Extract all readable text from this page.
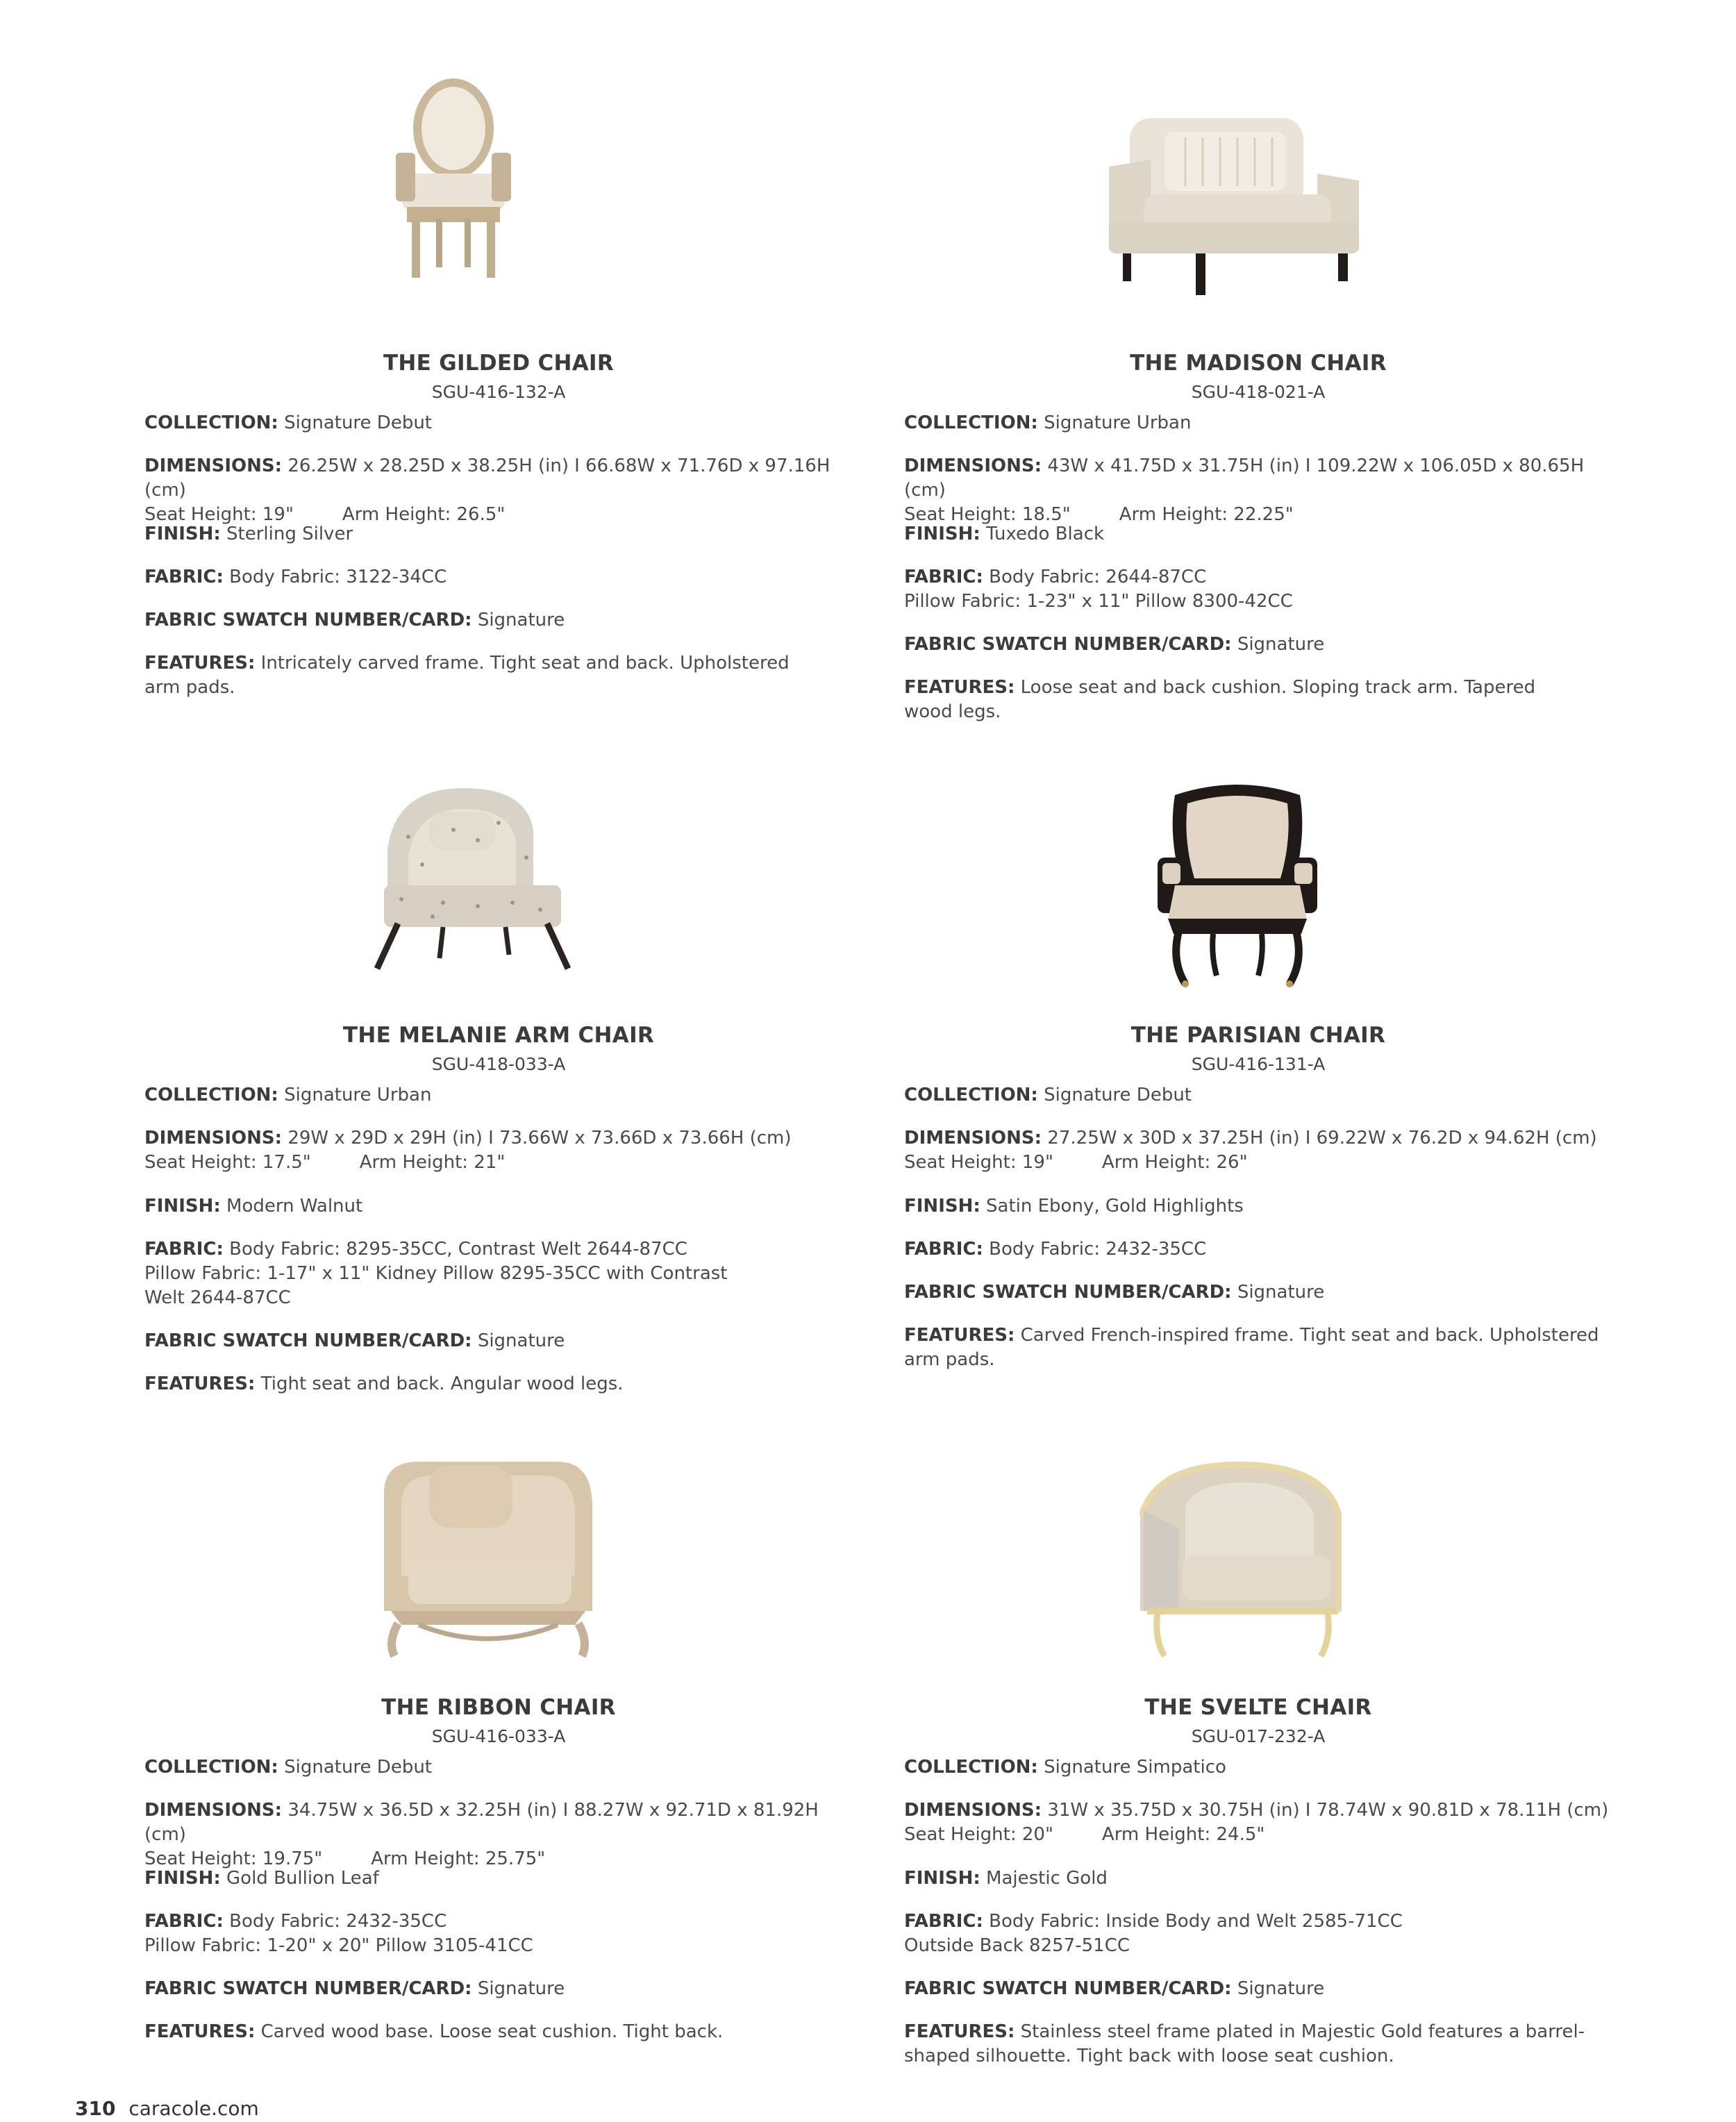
THE GILDED CHAIR
SGU-416-132-A
COLLECTION: Signature Debut
DIMENSIONS: 26.25W x 28.25D x 38.25H (in) I 66.68W x 71.76D x 97.16H (cm)
Seat Height: 19"	Arm Height: 26.5"
FINISH: Sterling Silver
FABRIC: Body Fabric: 3122-34CC
FABRIC SWATCH NUMBER/CARD: Signature
FEATURES: Intricately carved frame. Tight seat and back. Upholstered
arm pads.
THE MADISON CHAIR
SGU-418-021-A
COLLECTION: Signature Urban
DIMENSIONS: 43W x 41.75D x 31.75H (in) I 109.22W x 106.05D x 80.65H (cm)
Seat Height: 18.5"	Arm Height: 22.25"
FINISH: Tuxedo Black
FABRIC: Body Fabric: 2644-87CC
Pillow Fabric: 1-23" x 11" Pillow 8300-42CC
FABRIC SWATCH NUMBER/CARD: Signature
FEATURES: Loose seat and back cushion. Sloping track arm. Tapered
wood legs.
THE MELANIE ARM CHAIR
SGU-418-033-A
COLLECTION: Signature Urban
DIMENSIONS: 29W x 29D x 29H (in) I 73.66W x 73.66D x 73.66H (cm)
Seat Height: 17.5"	Arm Height: 21"
FINISH: Modern Walnut
FABRIC: Body Fabric: 8295-35CC, Contrast Welt 2644-87CC
Pillow Fabric: 1-17" x 11" Kidney Pillow 8295-35CC with Contrast
Welt 2644-87CC
FABRIC SWATCH NUMBER/CARD: Signature
FEATURES: Tight seat and back. Angular wood legs.
THE PARISIAN CHAIR
SGU-416-131-A
COLLECTION: Signature Debut
DIMENSIONS: 27.25W x 30D x 37.25H (in) I 69.22W x 76.2D x 94.62H (cm)
Seat Height: 19"	Arm Height: 26"
FINISH: Satin Ebony, Gold Highlights
FABRIC: Body Fabric: 2432-35CC
FABRIC SWATCH NUMBER/CARD: Signature
FEATURES: Carved French-inspired frame. Tight seat and back. Upholstered
arm pads.
THE RIBBON CHAIR
SGU-416-033-A
COLLECTION: Signature Debut
DIMENSIONS: 34.75W x 36.5D x 32.25H (in) I 88.27W x 92.71D x 81.92H (cm)
Seat Height: 19.75"	Arm Height: 25.75"
FINISH: Gold Bullion Leaf
FABRIC: Body Fabric: 2432-35CC
Pillow Fabric: 1-20" x 20" Pillow 3105-41CC
FABRIC SWATCH NUMBER/CARD: Signature
FEATURES: Carved wood base. Loose seat cushion. Tight back.
THE SVELTE CHAIR
SGU-017-232-A
COLLECTION: Signature Simpatico
DIMENSIONS: 31W x 35.75D x 30.75H (in) I 78.74W x 90.81D x 78.11H (cm)
Seat Height: 20"	Arm Height: 24.5"
FINISH: Majestic Gold
FABRIC: Body Fabric: Inside Body and Welt 2585-71CC
Outside Back 8257-51CC
FABRIC SWATCH NUMBER/CARD: Signature
FEATURES: Stainless steel frame plated in Majestic Gold features a barrel-
shaped silhouette. Tight back with loose seat cushion.
310 caracole.com
